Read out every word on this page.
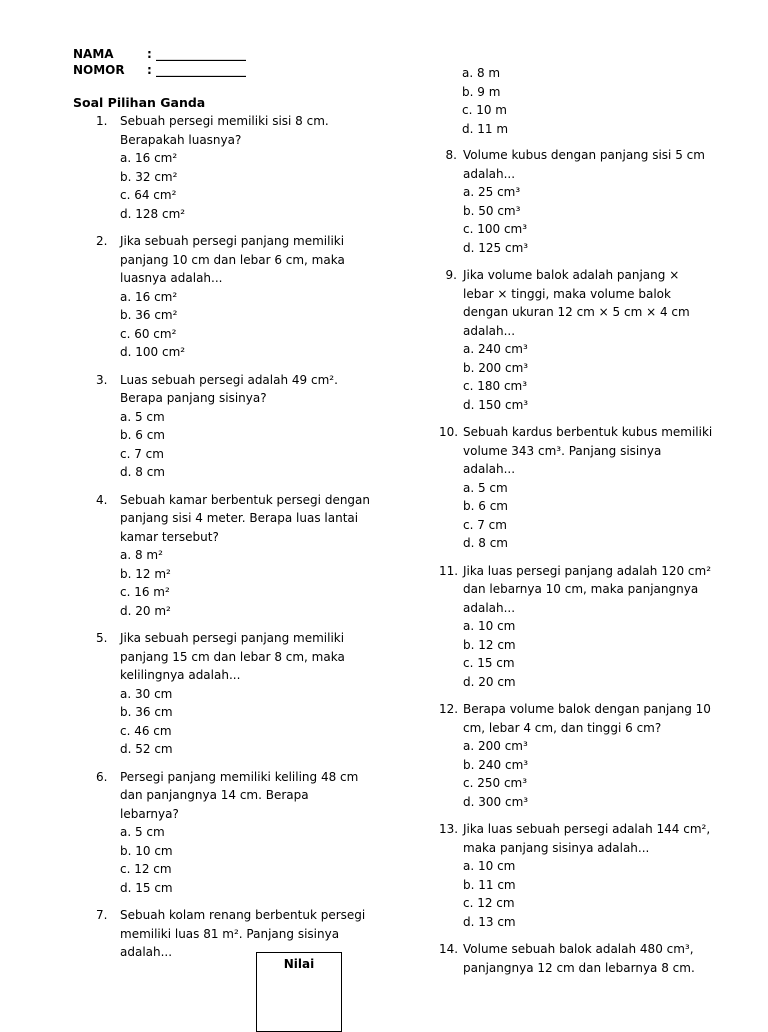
NAMA	: _______________
NOMOR	: _______________
Soal Pilihan Ganda
a. 8 m
b. 9 m
c. 10 m
d. 11 m
1. Sebuah persegi memiliki sisi 8 cm. Berapakah luasnya?
a. 16 cm²
b. 32 cm²
c. 64 cm²
d. 128 cm²
2. Jika sebuah persegi panjang memiliki panjang 10 cm dan lebar 6 cm, maka luasnya adalah...
a. 16 cm²
b. 36 cm²
c. 60 cm²
d. 100 cm²
3. Luas sebuah persegi adalah 49 cm². Berapa panjang sisinya?
a. 5 cm
b. 6 cm
c. 7 cm
d. 8 cm
4. Sebuah kamar berbentuk persegi dengan panjang sisi 4 meter. Berapa luas lantai kamar tersebut?
a. 8 m²
b. 12 m²
c. 16 m²
d. 20 m²
5. Jika sebuah persegi panjang memiliki panjang 15 cm dan lebar 8 cm, maka kelilingnya adalah...
a. 30 cm
b. 36 cm
c. 46 cm
d. 52 cm
6. Persegi panjang memiliki keliling 48 cm dan panjangnya 14 cm. Berapa lebarnya?
a. 5 cm
b. 10 cm
c. 12 cm
d. 15 cm
7. Sebuah kolam renang berbentuk persegi memiliki luas 81 m². Panjang sisinya adalah...
8. Volume kubus dengan panjang sisi 5 cm adalah...
a. 25 cm³
b. 50 cm³
c. 100 cm³
d. 125 cm³
9. Jika volume balok adalah panjang × lebar × tinggi, maka volume balok dengan ukuran 12 cm × 5 cm × 4 cm adalah...
a. 240 cm³
b. 200 cm³
c. 180 cm³
d. 150 cm³
10. Sebuah kardus berbentuk kubus memiliki volume 343 cm³. Panjang sisinya adalah...
a. 5 cm
b. 6 cm
c. 7 cm
d. 8 cm
11. Jika luas persegi panjang adalah 120 cm² dan lebarnya 10 cm, maka panjangnya adalah...
a. 10 cm
b. 12 cm
c. 15 cm
d. 20 cm
12. Berapa volume balok dengan panjang 10 cm, lebar 4 cm, dan tinggi 6 cm?
a. 200 cm³
b. 240 cm³
c. 250 cm³
d. 300 cm³
13. Jika luas sebuah persegi adalah 144 cm², maka panjang sisinya adalah...
a. 10 cm
b. 11 cm
c. 12 cm
d. 13 cm
14. Volume sebuah balok adalah 480 cm³, panjangnya 12 cm dan lebarnya 8 cm.
Nilai
